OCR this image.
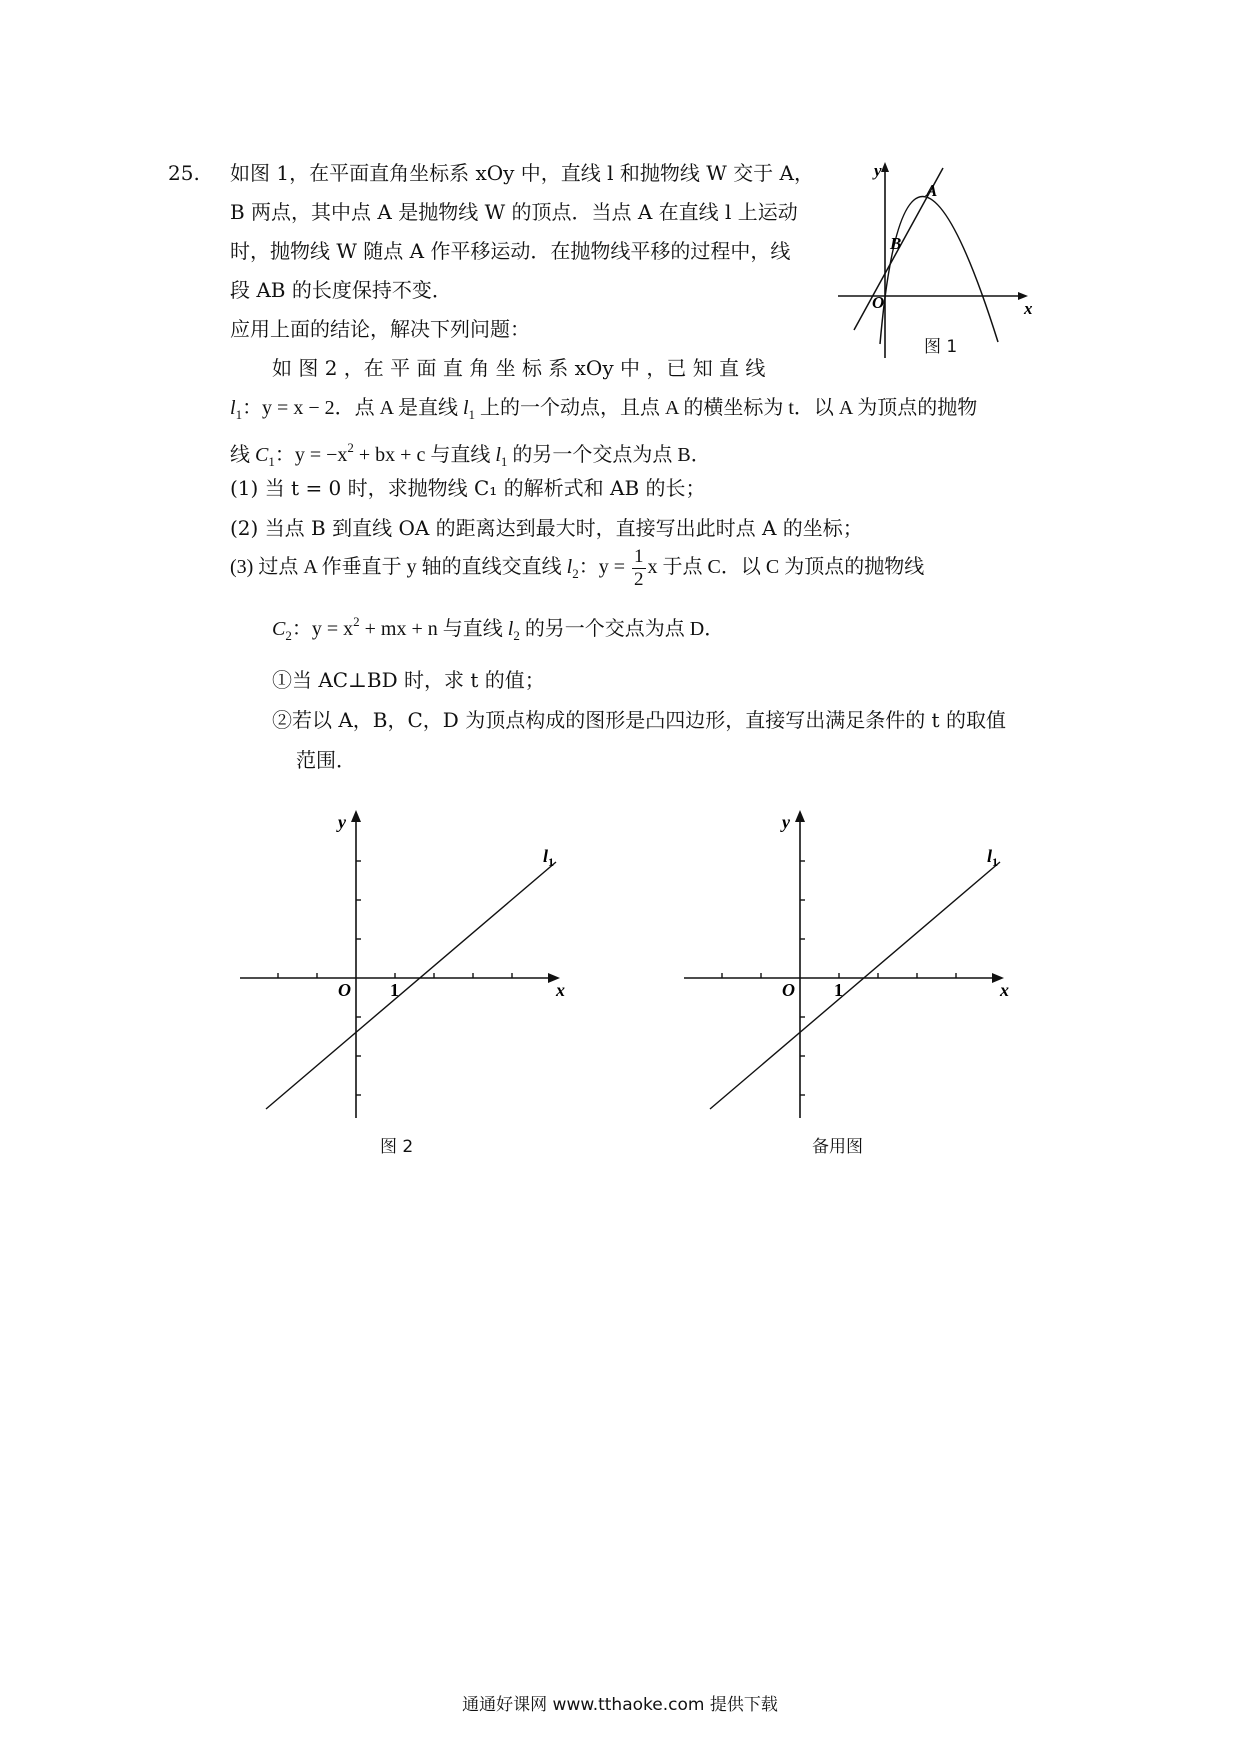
25. 如图 1，在平面直角坐标系 xOy 中，直线 l 和抛物线 W 交于 A，
B 两点，其中点 A 是抛物线 W 的顶点．当点 A 在直线 l 上运动
时，抛物线 W 随点 A 作平移运动．在抛物线平移的过程中，线
段 AB 的长度保持不变．
应用上面的结论，解决下列问题：
y
x
O
A
B
图 1
如 图 2 ，在 平 面 直 角 坐 标 系 xOy 中 ，已 知 直 线
$l_1$：y = x − 2．点 A 是直线 $l_1$ 上的一个动点，且点 A 的横坐标为 t．以 A 为顶点的抛物
线 $C_1$：$y = -x^2$ + bx + c 与直线 $l_1$ 的另一个交点为点 B．
(1) 当 t = 0 时，求抛物线 C₁ 的解析式和 AB 的长；
(2) 当点 B 到直线 OA 的距离达到最大时，直接写出此时点 A 的坐标；
(3) 过点 A 作垂直于 y 轴的直线交直线 $l_2$：$y = \frac{1}{2}$ x 于点 C．以 C 为顶点的抛物线
$C_2$：$y = x^2$ + mx + n 与直线 $l_2$ 的另一个交点为点 D．
①当 AC⊥BD 时，求 t 的值；
②若以 A，B，C，D 为顶点构成的图形是凸四边形，直接写出满足条件的 t 的取值
范围．
y
x
O 1
$l_1$
图 2
y
x
O 1
$l_1$
备用图
通通好课网 www.tthaoke.com 提供下载
